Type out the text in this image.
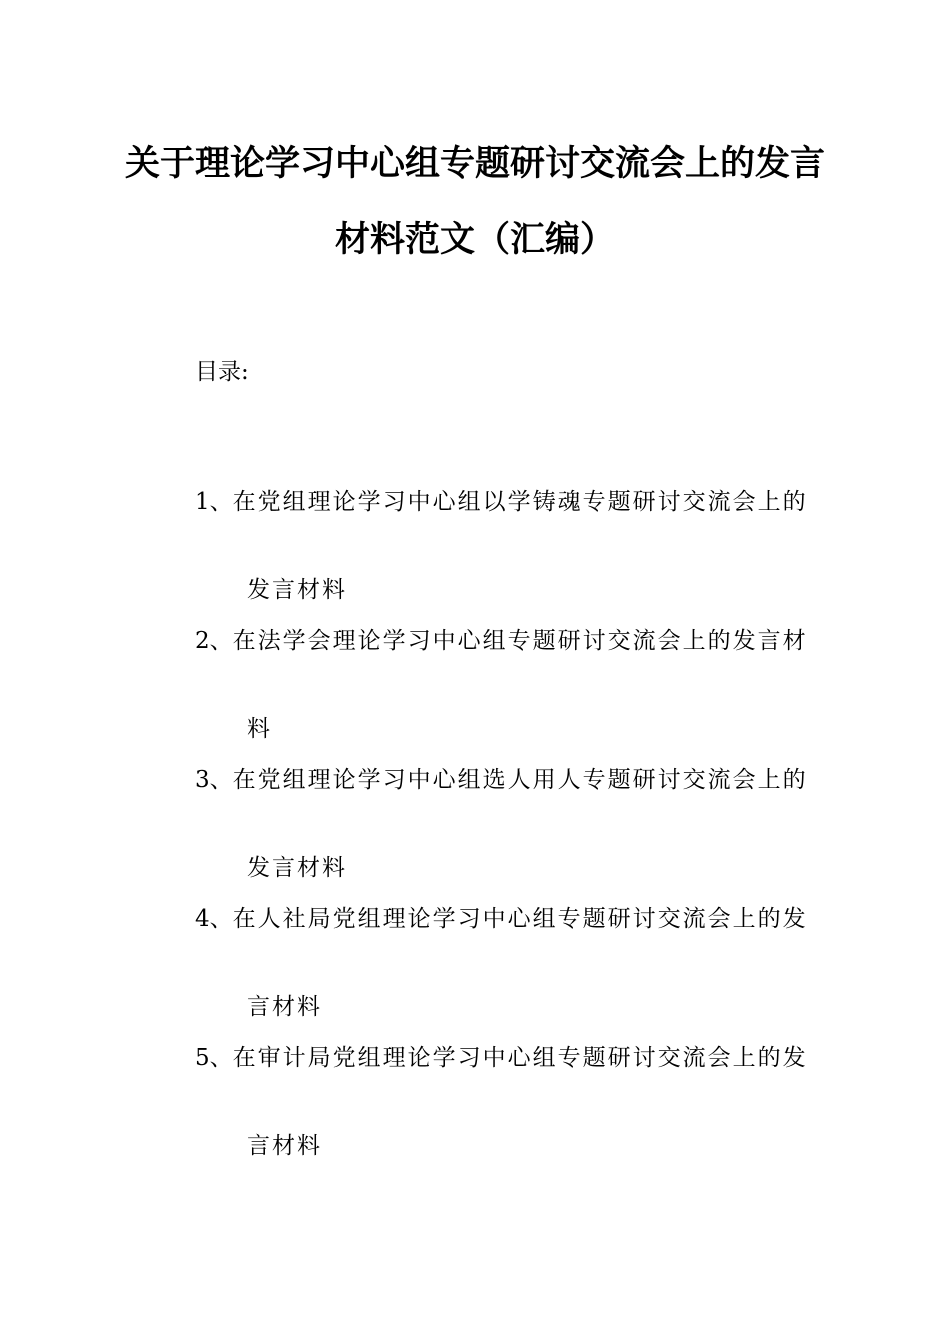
关于理论学习中心组专题研讨交流会上的发言
材料范文（汇编）
目录:
1、在党组理论学习中心组以学铸魂专题研讨交流会上的
发言材料
2、在法学会理论学习中心组专题研讨交流会上的发言材
料
3、在党组理论学习中心组选人用人专题研讨交流会上的
发言材料
4、在人社局党组理论学习中心组专题研讨交流会上的发
言材料
5、在审计局党组理论学习中心组专题研讨交流会上的发
言材料
